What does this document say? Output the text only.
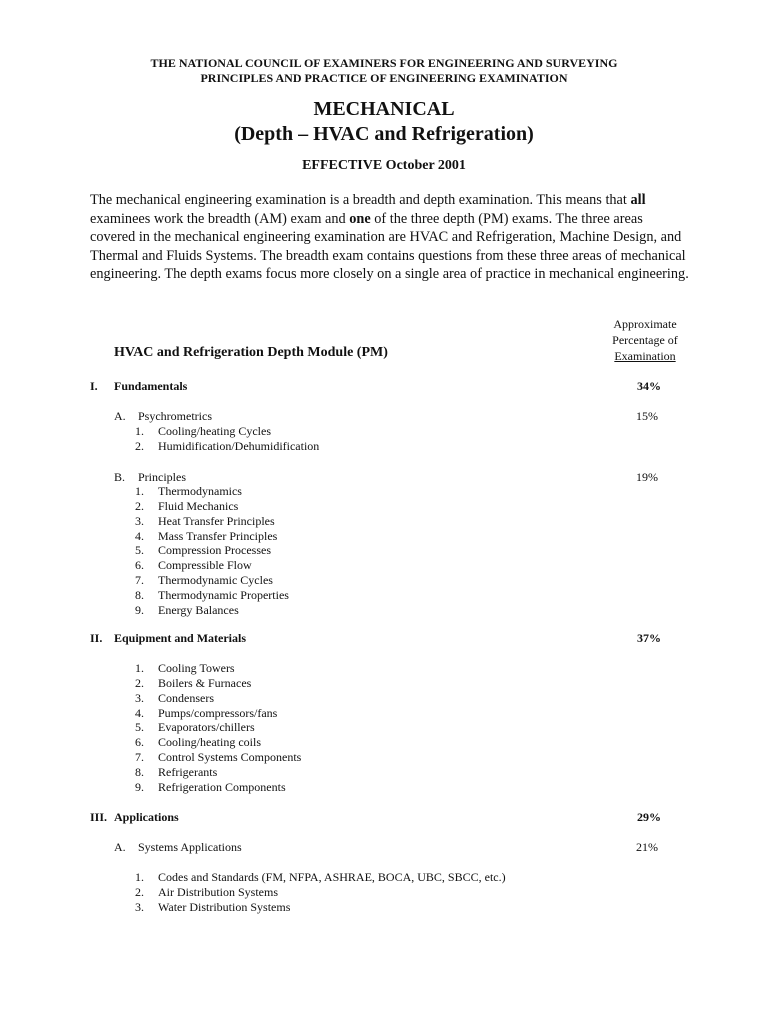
THE NATIONAL COUNCIL OF EXAMINERS FOR ENGINEERING AND SURVEYING
PRINCIPLES AND PRACTICE OF ENGINEERING EXAMINATION
MECHANICAL
(Depth – HVAC and Refrigeration)
EFFECTIVE October 2001
The mechanical engineering examination is a breadth and depth examination. This means that all examinees work the breadth (AM) exam and one of the three depth (PM) exams. The three areas covered in the mechanical engineering examination are HVAC and Refrigeration, Machine Design, and Thermal and Fluids Systems. The breadth exam contains questions from these three areas of mechanical engineering. The depth exams focus more closely on a single area of practice in mechanical engineering.
Approximate
Percentage of
Examination
HVAC and Refrigeration Depth Module (PM)
I. Fundamentals	34%
A. Psychrometrics	15%
1. Cooling/heating Cycles
2. Humidification/Dehumidification
B. Principles	19%
1. Thermodynamics
2. Fluid Mechanics
3. Heat Transfer Principles
4. Mass Transfer Principles
5. Compression Processes
6. Compressible Flow
7. Thermodynamic Cycles
8. Thermodynamic Properties
9. Energy Balances
II. Equipment and Materials	37%
1. Cooling Towers
2. Boilers & Furnaces
3. Condensers
4. Pumps/compressors/fans
5. Evaporators/chillers
6. Cooling/heating coils
7. Control Systems Components
8. Refrigerants
9. Refrigeration Components
III. Applications	29%
A. Systems Applications	21%
1. Codes and Standards (FM, NFPA, ASHRAE, BOCA, UBC, SBCC, etc.)
2. Air Distribution Systems
3. Water Distribution Systems
